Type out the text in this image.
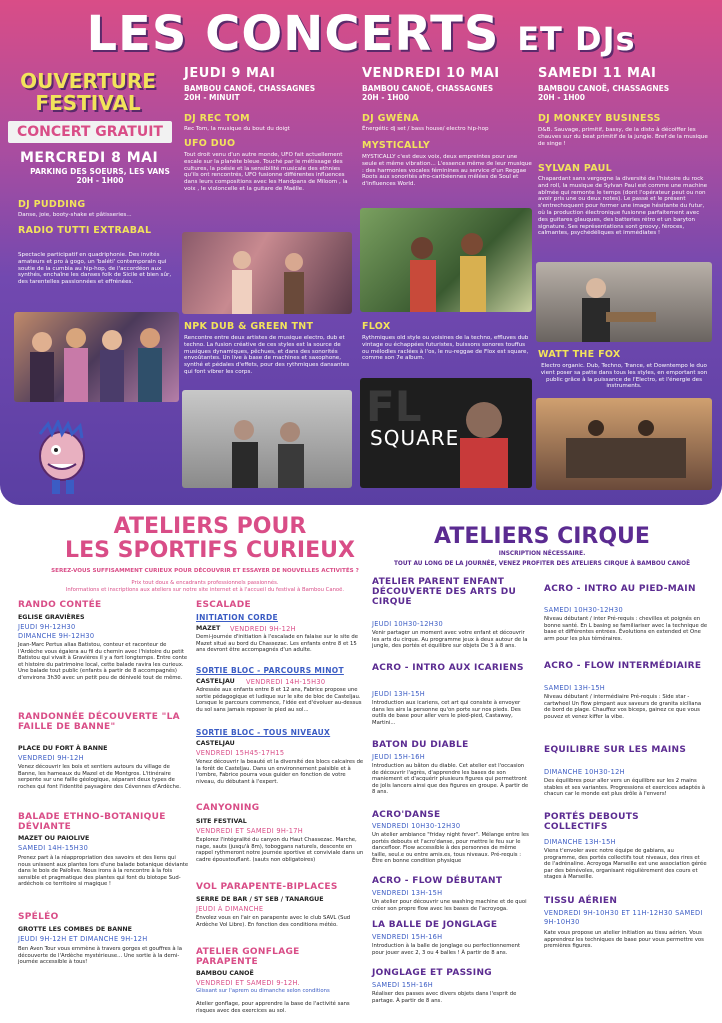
LES CONCERTS ET DJs
OUVERTURE
FESTIVAL
CONCERT GRATUIT
MERCREDI 8 MAI
PARKING DES SOEURS, LES VANS
20H - 1H00
DJ PUDDING
Danse, joie, booty-shake et pâtisseries...
RADIO TUTTI EXTRABAL
Spectacle participatif en quadriphonie. Des invités amateurs et pro à gogo, un 'baléti' contemporain qui soutie de la cumbia au hip-hop, de l'accordéon aux synthés, enchaîne les danses folk de Sicile et bien sûr, des tarentelles passionnées et effrénées.
JEUDI 9 MAI
BAMBOU CANOË, CHASSAGNES
20H - MINUIT
DJ REC TOM
Rec Tom, la musique du bout du doigt
UFO DUO
Tout droit venu d'un autre monde, UFO fait actuellement escale sur la planète bleue. Touché par le métissage des cultures, la poésie et la sensibilité musicale des ethnies qu'ils ont rencontrés, UFO fusionne différentes influences dans leurs compositions avec les Handpans de Miloom , la voix , le violoncelle et la guitare de Maëlle.
NPK DUB & GREEN TNT
Rencontre entre deux artistes de musique electro, dub et techno. La fusion créative de ces styles est la source de musiques dynamiques, pêchues, et dans des sonorités envoûtantes. Un live à base de machines et saxophone, synthé et pédales d'effets, pour des rythmiques dansantes qui font vibrer les corps.
VENDREDI 10 MAI
BAMBOU CANOË, CHASSAGNES
20H - 1H00
DJ GWÉNA
Énergétic dj set / bass house/ electro hip-hop
MYSTICALLY
MYSTICALLY c'est deux voix, deux empreintes pour une seule et même vibration... L'essence même de leur musique : des harmonies vocales féminines au service d'un Reggae Roots aux sonorités afro-caribéennes mêlées de Soul et d'influences World.
FLOX
Rythmiques old style ou voisines de la techno, effluves dub vintage ou échappées futuristes, buissons sonores touffus ou mélodies raclées à l'os, le nu-reggae de Flox est square, comme son 7e album.
FL
SQUARE
SAMEDI 11 MAI
BAMBOU CANOË, CHASSAGNES
20H - 1H00
DJ MONKEY BUSINESS
D&B. Sauvage, primitif, bassy, de la disto à décoiffer les chauves sur du beat primitif de la jungle. Bref de la musique de singe !
SYLVAN PAUL
Chapardant sans vergogne la diversité de l'histoire du rock and roll, la musique de Sylvan Paul est comme une machine abîmée qui remonte le temps (dont l'opérateur peut ou non avoir pris une ou deux notes). Le passé et le présent s'entrechoquent pour former une image hésitante du futur, où la production électronique fusionne parfaitement avec des guitares glauques, des batteries rétro et un baryton signature. Ses représentations sont groovy, féroces, calmantes, psychédéliques et immédiates !
WATT THE FOX
Electro organic. Dub, Techno, Trance, et Downtempo le duo vient poser sa patte dans tous les styles, en emportant son public grâce à la puissance de l'Electro, et l'énergie des instruments.
ATELIERS POUR
LES SPORTIFS CURIEUX
SEREZ-VOUS SUFFISAMMENT CURIEUX POUR DÉCOUVRIR ET ESSAYER DE NOUVELLES ACTIVITÉS ?
Prix tout doux & encadrants professionnels passionnés.
Informations et inscriptions aux ateliers sur notre site internet et à l'accueil du festival à Bambou Canoë.
RANDO CONTÉE
EGLISE GRAVIÈRES
JEUDI 9H-12H30
DIMANCHE 9H-12H30
Jean-Marc Pertus alias Batistou, conteur et raconteur de l'Ardèche vous égaiera au fil du chemin avec l'histoire du petit Batistou qui vivait à Gravières il y a fort longtemps. Entre conte et histoire du patrimoine local, cette balade ravira les curieux. Une balade tout public (enfants à partir de 8 accompagnés) d'environs 3h30 avec un petit peu de dénivelé tout de même.
RANDONNÉE DÉCOUVERTE "LA FAILLE DE BANNE"
PLACE DU FORT À BANNE
VENDREDI 9H-12H
Venez découvrir les bois et sentiers autours du village de Banne, les hameaux du Mazel et de Montgros. L'itinéraire serpente sur une faille géologique, séparant deux types de roches qui font l'identité paysagère des Cévennes d'Ardèche.
BALADE ETHNO-BOTANIQUE DÉVIANTE
MAZET OU PAIOLIVE
SAMEDI 14H-15H30
Prenez part à la réappropriation des savoirs et des liens qui nous unissent aux plantes lors d'une balade botanique déviante dans le bois de Païolive. Nous irons à la rencontre à la fois sensible et pragmatique des plantes qui font du biotope Sud-ardéchois ce territoire si magique !
SPÉLÉO
GROTTE LES COMBES DE BANNE
JEUDI 9H-12H ET DIMANCHE 9H-12H
Ben Aven Tour vous emmène à travers gorges et gouffres à la découverte de l'Ardèche mystérieuse... Une sortie à la demi-journée accessible à tous!
ESCALADE
INITIATION CORDE
MAZET VENDREDI 9H-12H
Demi-journée d'initiation à l'escalade en falaise sur le site de Mazet situé au bord du Chassezac. Les enfants entre 8 et 15 ans devront être accompagnés d'un adulte.
SORTIE BLOC - PARCOURS MINOT
CASTELJAU VENDREDI 14H-15H30
Adressée aux enfants entre 8 et 12 ans, Fabrice propose une sortie pédagogique et ludique sur le site de bloc de Casteljau. Lorsque le parcours commence, l'idée est d'évoluer au-dessus du sol sans jamais reposer le pied au sol...
SORTIE BLOC - TOUS NIVEAUX
CASTELJAU
VENDREDI 15H45-17H15
Venez découvrir la beauté et la diversité des blocs calcaires de la forêt de Casteljau. Dans un environnement paisible et à l'ombre, Fabrice pourra vous guider en fonction de votre niveau, du débutant à l'expert.
CANYONING
SITE FESTIVAL
VENDREDI ET SAMEDI 9H-17H
Explorez l'intégralité du canyon du Haut Chassezac. Marche, nage, sauts (jusqu'à 8m), toboggans naturels, descente en rappel rythmeront notre journée sportive et conviviale dans un cadre époustouflant. (sauts non obligatoires)
VOL PARAPENTE-BIPLACES
SERRE DE BAR / ST SEB / TANARGUE
JEUDI À DIMANCHE
Envolez vous en l'air en parapente avec le club SAVL (Sud Ardèche Vol Libre). En fonction des conditions météo.
ATELIER GONFLAGE PARAPENTE
BAMBOU CANOË
VENDREDI ET SAMEDI 9-12H.
Glissant sur l'aprem ou dimanche selon conditions
Atelier gonflage, pour apprendre la base de l'activité sans risques avec des exercices au sol.
ATELIERS CIRQUE
INSCRIPTION NÉCESSAIRE.
TOUT AU LONG DE LA JOURNÉE, VENEZ PROFITER DES ATELIERS CIRQUE À BAMBOU CANOË
ATELIER PARENT ENFANT DÉCOUVERTE DES ARTS DU CIRQUE
JEUDI 10H30-12H30
Venir partager un moment avec votre enfant et découvrir les arts du cirque. Au programme jeux à deux autour de la jungle, des portés et équilibre sur objets De 3 à 8 ans.
ACRO - INTRO AUX ICARIENS
JEUDI 13H-15H
Introduction aux icariens, cet art qui consiste à envoyer dans les airs la personne qu'on porte sur nos pieds. Des outils de base pour aller vers le pied-pied, Castaway, Martini...
BATON DU DIABLE
JEUDI 15H-16H
Introduction au bâton du diable. Cet atelier est l'occasion de découvrir l'agrès, d'apprendre les bases de son maniement et d'acquérir plusieurs figures qui permettront de jolis lancers ainsi que des figures en groupe. À partir de 8 ans.
ACRO'DANSE
VENDREDI 10H30-12H30
Un atelier ambiance "friday night fever". Mélange entre les portés debouts et l'acro'danse, pour mettre le feu sur le dancefloor. Flow accessible à des personnes de même taille, seul.e ou entre amis.es, tous niveaux. Pré-requis : Être en bonne condition physique
ACRO - FLOW DÉBUTANT
VENDREDI 13H-15H
Un atelier pour découvrir une washing machine et de quoi créer son propre flow avec les bases de l'acroyoga.
LA BALLE DE JONGLAGE
VENDREDI 15H-16H
Introduction à la balle de jonglage ou perfectionnement pour jouer avec 2, 3 ou 4 balles ! À partir de 8 ans.
JONGLAGE ET PASSING
SAMEDI 15H-16H
Réaliser des passes avec divers objets dans l'esprit de partage. À partir de 8 ans.
ACRO - INTRO AU PIED-MAIN
SAMEDI 10H30-12H30
Niveau débutant / inter Pré-requis : chevilles et poignés en bonne santé. En L basing se familiariser avec la technique de base et différentes entrées. Évolutions en extended et One arm pour les plus téméraires.
ACRO - FLOW INTERMÉDIAIRE
SAMEDI 13H-15H
Niveau débutant / intermédiaire Pré-requis : Side star - cartwheel Un flow pimpant aux saveurs de granita siciliana de bord de plage. Chauffez vos biceps, gainez ce que vous pouvez et venez kiffer la vibe.
EQUILIBRE SUR LES MAINS
DIMANCHE 10H30-12H
Des équilibres pour aller vers un équilibre sur les 2 mains stables et ses variantes. Progressions et exercices adaptés à chacun car le monde est plus drôle à l'envers!
PORTÉS DEBOUTS COLLECTIFS
DIMANCHE 13H-15H
Viens t'envoler avec notre équipe de gabians, au programme, des portés collectifs tout niveaux, des rires et de l'adrénaline. Acroyoga Marseille est une association gérée par des bénévoles, organisant régulièrement des cours et stages à Marseille.
TISSU AÉRIEN
VENDREDI 9H-10H30 ET 11H-12H30 SAMEDI 9H-10H30
Kate vous propose un atelier initiation au tissu aérien. Vous apprendrez les techniques de base pour vous permettre vos premières figures.
